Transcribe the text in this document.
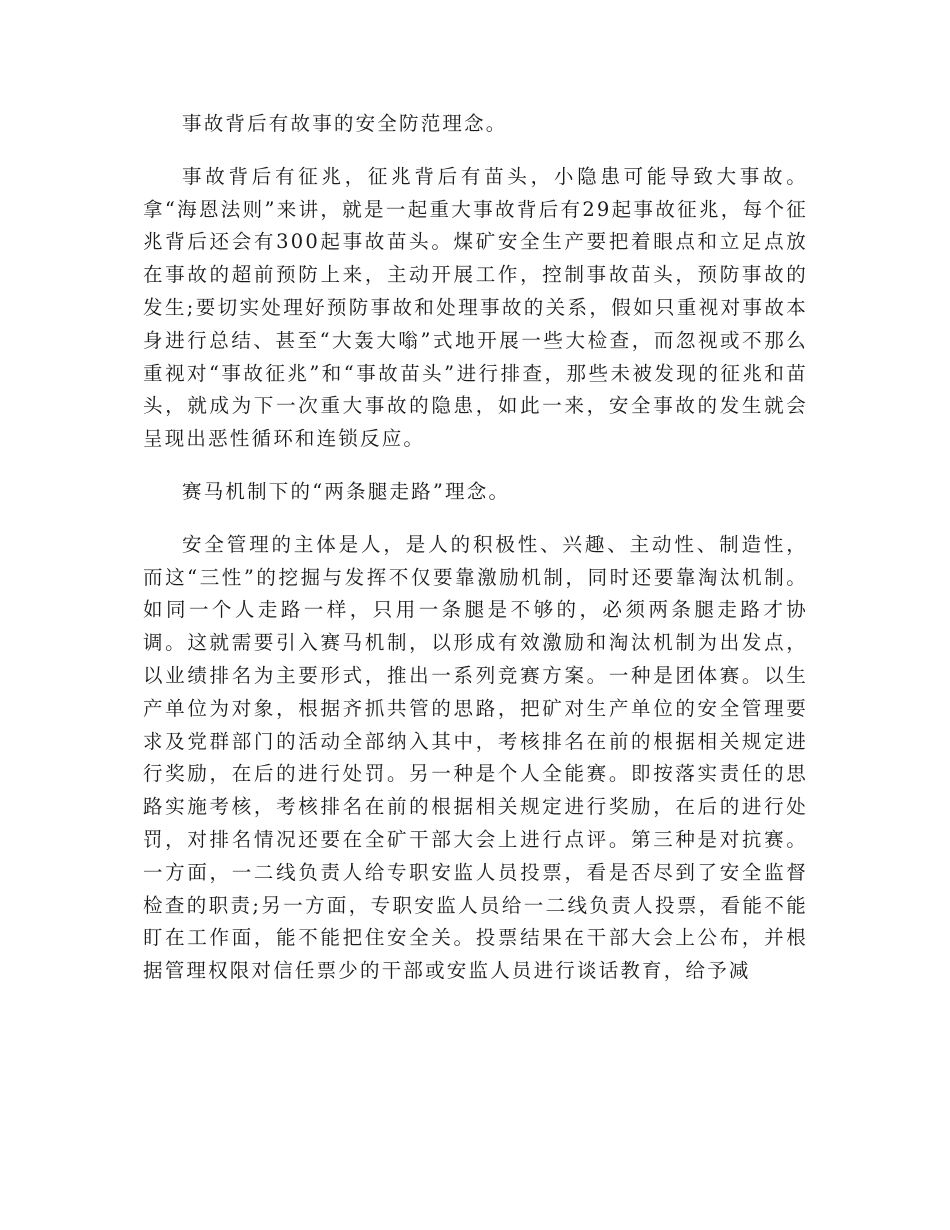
事故背后有故事的安全防范理念。

事故背后有征兆，征兆背后有苗头，小隐患可能导致大事故。拿“海恩法则”来讲，就是一起重大事故背后有29起事故征兆，每个征兆背后还会有300起事故苗头。煤矿安全生产要把着眼点和立足点放在事故的超前预防上来，主动开展工作，控制事故苗头，预防事故的发生;要切实处理好预防事故和处理事故的关系，假如只重视对事故本身进行总结、甚至“大轰大嗡”式地开展一些大检查，而忽视或不那么重视对“事故征兆”和“事故苗头”进行排查，那些未被发现的征兆和苗头，就成为下一次重大事故的隐患，如此一来，安全事故的发生就会呈现出恶性循环和连锁反应。

赛马机制下的“两条腿走路”理念。

安全管理的主体是人，是人的积极性、兴趣、主动性、制造性，而这“三性”的挖掘与发挥不仅要靠激励机制，同时还要靠淘汰机制。如同一个人走路一样，只用一条腿是不够的，必须两条腿走路才协调。这就需要引入赛马机制，以形成有效激励和淘汰机制为出发点，以业绩排名为主要形式，推出一系列竞赛方案。一种是团体赛。以生产单位为对象，根据齐抓共管的思路，把矿对生产单位的安全管理要求及党群部门的活动全部纳入其中，考核排名在前的根据相关规定进行奖励，在后的进行处罚。另一种是个人全能赛。即按落实责任的思路实施考核，考核排名在前的根据相关规定进行奖励，在后的进行处罚，对排名情况还要在全矿干部大会上进行点评。第三种是对抗赛。一方面，一二线负责人给专职安监人员投票，看是否尽到了安全监督检查的职责;另一方面，专职安监人员给一二线负责人投票，看能不能盯在工作面，能不能把住安全关。投票结果在干部大会上公布，并根据管理权限对信任票少的干部或安监人员进行谈话教育，给予减
